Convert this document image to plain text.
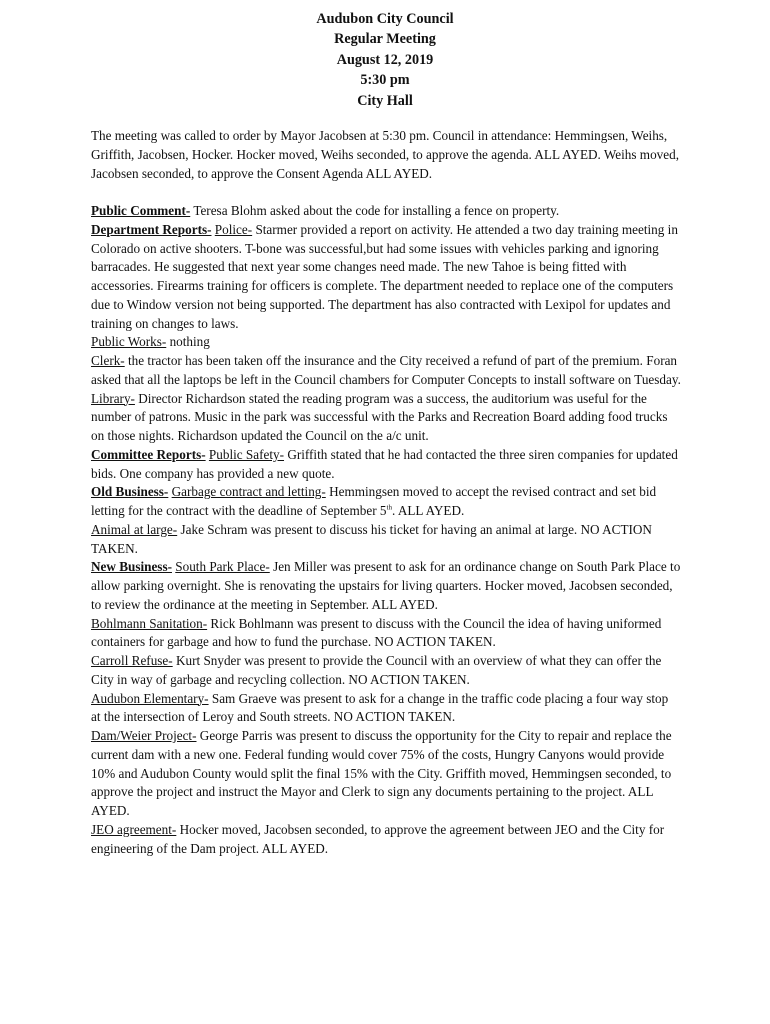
Audubon City Council
Regular Meeting
August 12, 2019
5:30 pm
City Hall

The meeting was called to order by Mayor Jacobsen at 5:30 pm. Council in attendance: Hemmingsen, Weihs, Griffith, Jacobsen, Hocker. Hocker moved, Weihs seconded, to approve the agenda. ALL AYED. Weihs moved, Jacobsen seconded, to approve the Consent Agenda ALL AYED.

Public Comment- Teresa Blohm asked about the code for installing a fence on property.

Department Reports- Police- Starmer provided a report on activity. He attended a two day training meeting in Colorado on active shooters. T-bone was successful,but had some issues with vehicles parking and ignoring barracades. He suggested that next year some changes need made. The new Tahoe is being fitted with accessories. Firearms training for officers is complete. The department needed to replace one of the computers due to Window version not being supported. The department has also contracted with Lexipol for updates and training on changes to laws.

Public Works- nothing

Clerk- the tractor has been taken off the insurance and the City received a refund of part of the premium. Foran asked that all the laptops be left in the Council chambers for Computer Concepts to install software on Tuesday.

Library- Director Richardson stated the reading program was a success, the auditorium was useful for the number of patrons. Music in the park was successful with the Parks and Recreation Board adding food trucks on those nights. Richardson updated the Council on the a/c unit.

Committee Reports- Public Safety- Griffith stated that he had contacted the three siren companies for updated bids. One company has provided a new quote.

Old Business- Garbage contract and letting- Hemmingsen moved to accept the revised contract and set bid letting for the contract with the deadline of September 5th. ALL AYED.

Animal at large- Jake Schram was present to discuss his ticket for having an animal at large. NO ACTION TAKEN.

New Business- South Park Place- Jen Miller was present to ask for an ordinance change on South Park Place to allow parking overnight. She is renovating the upstairs for living quarters. Hocker moved, Jacobsen seconded, to review the ordinance at the meeting in September. ALL AYED.

Bohlmann Sanitation- Rick Bohlmann was present to discuss with the Council the idea of having uniformed containers for garbage and how to fund the purchase. NO ACTION TAKEN.

Carroll Refuse- Kurt Snyder was present to provide the Council with an overview of what they can offer the City in way of garbage and recycling collection. NO ACTION TAKEN.

Audubon Elementary- Sam Graeve was present to ask for a change in the traffic code placing a four way stop at the intersection of Leroy and South streets. NO ACTION TAKEN.

Dam/Weier Project- George Parris was present to discuss the opportunity for the City to repair and replace the current dam with a new one. Federal funding would cover 75% of the costs, Hungry Canyons would provide 10% and Audubon County would split the final 15% with the City. Griffith moved, Hemmingsen seconded, to approve the project and instruct the Mayor and Clerk to sign any documents pertaining to the project. ALL AYED.

JEO agreement- Hocker moved, Jacobsen seconded, to approve the agreement between JEO and the City for engineering of the Dam project. ALL AYED.
